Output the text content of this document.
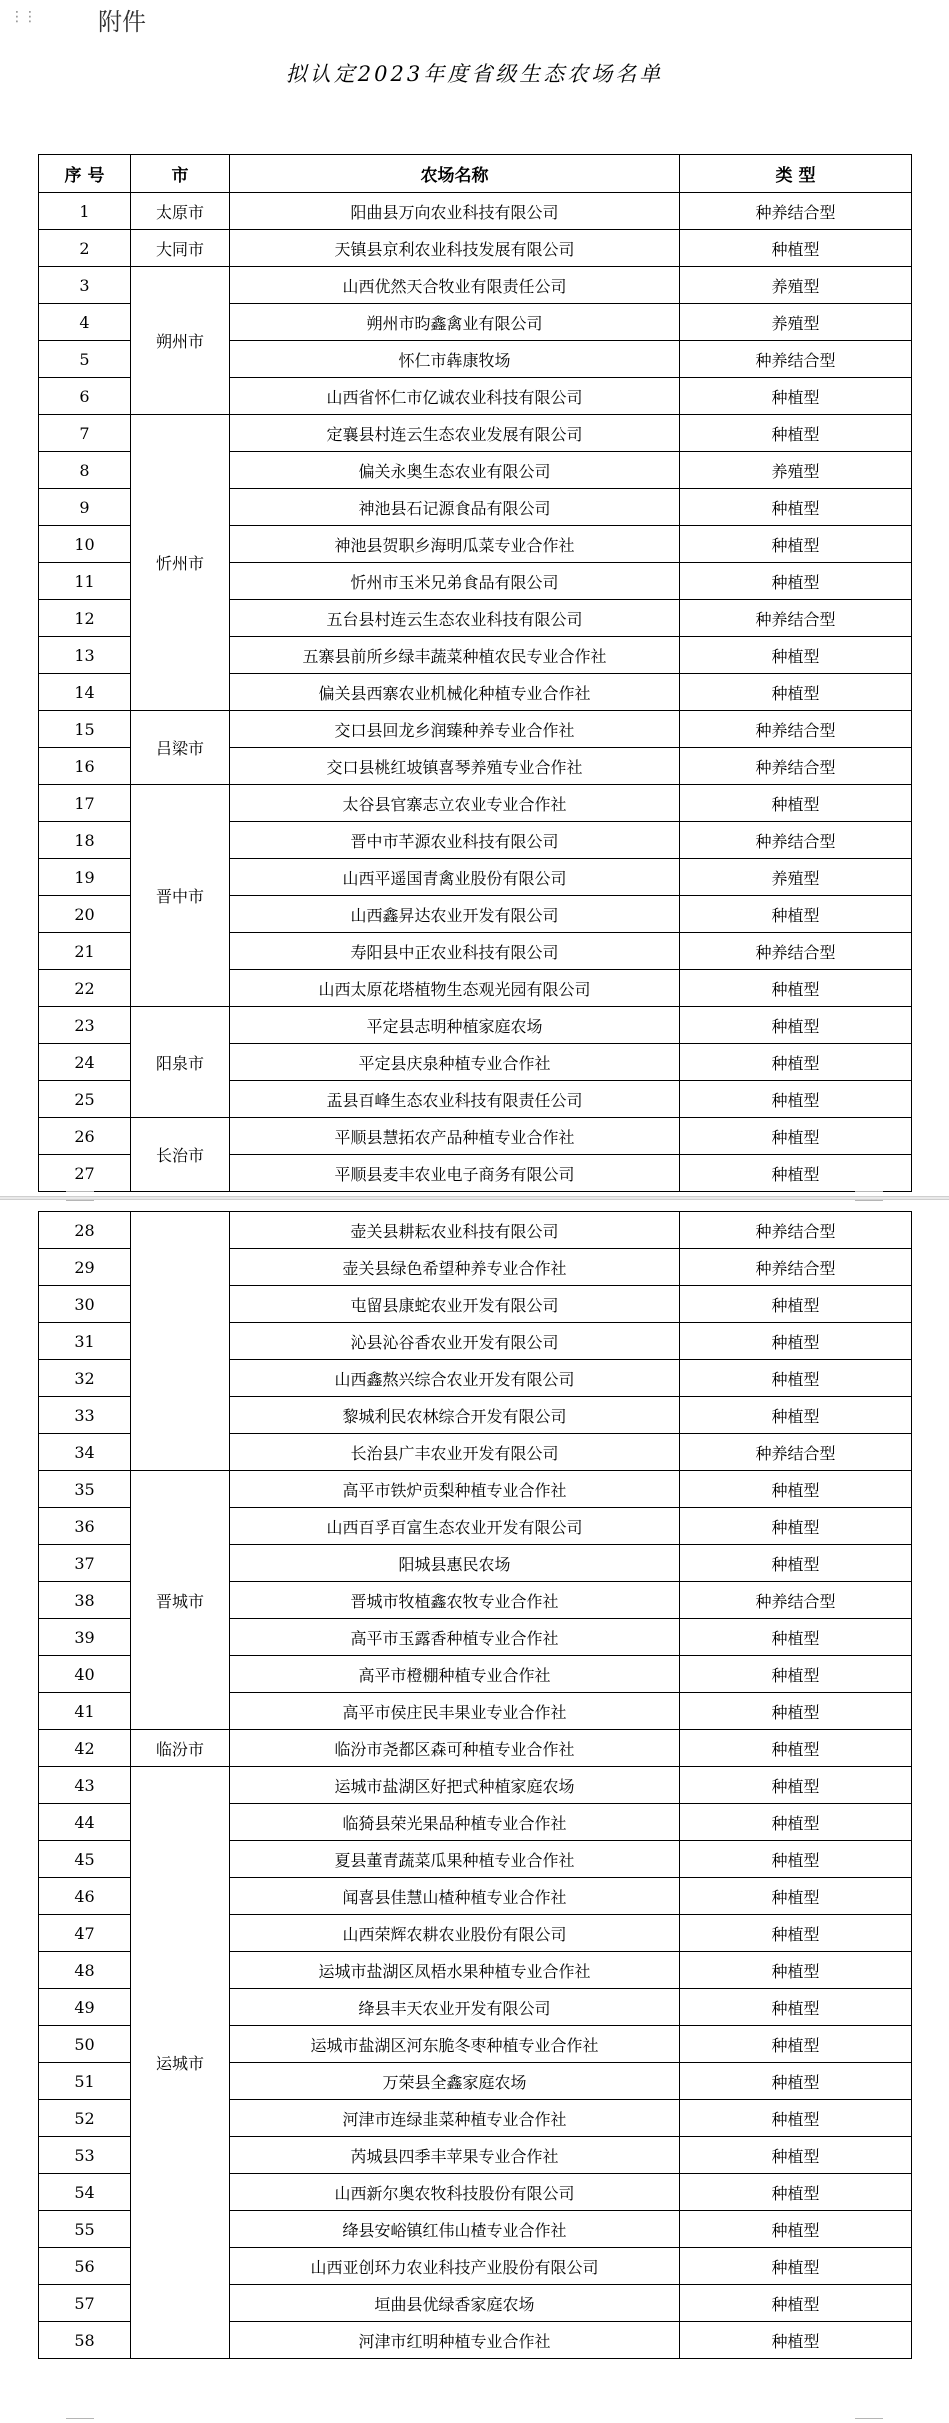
⋮⋮	附件
拟认定2023年度省级生态农场名单
序 号	市	农场名称	类 型
1	太原市	阳曲县万向农业科技有限公司	种养结合型
2	大同市	天镇县京利农业科技发展有限公司	种植型
3	朔州市	山西优然天合牧业有限责任公司	养殖型
4		朔州市昀鑫禽业有限公司	养殖型
5		怀仁市犇康牧场	种养结合型
6		山西省怀仁市亿诚农业科技有限公司	种植型
7	忻州市	定襄县村连云生态农业发展有限公司	种植型
8		偏关永奥生态农业有限公司	养殖型
9		神池县石记源食品有限公司	种植型
10		神池县贺职乡海明瓜菜专业合作社	种植型
11		忻州市玉米兄弟食品有限公司	种植型
12		五台县村连云生态农业科技有限公司	种养结合型
13		五寨县前所乡绿丰蔬菜种植农民专业合作社	种植型
14		偏关县西寨农业机械化种植专业合作社	种植型
15	吕梁市	交口县回龙乡润臻种养专业合作社	种养结合型
16		交口县桃红坡镇喜琴养殖专业合作社	种养结合型
17	晋中市	太谷县官寨志立农业专业合作社	种植型
18		晋中市芊源农业科技有限公司	种养结合型
19		山西平遥国青禽业股份有限公司	养殖型
20		山西鑫昇达农业开发有限公司	种植型
21		寿阳县中正农业科技有限公司	种养结合型
22		山西太原花塔植物生态观光园有限公司	种植型
23	阳泉市	平定县志明种植家庭农场	种植型
24		平定县庆泉种植专业合作社	种植型
25		盂县百峰生态农业科技有限责任公司	种植型
26	长治市	平顺县慧拓农产品种植专业合作社	种植型
27		平顺县麦丰农业电子商务有限公司	种植型
28		壶关县耕耘农业科技有限公司	种养结合型
29		壶关县绿色希望种养专业合作社	种养结合型
30		屯留县康蛇农业开发有限公司	种植型
31		沁县沁谷香农业开发有限公司	种植型
32		山西鑫熬兴综合农业开发有限公司	种植型
33		黎城利民农林综合开发有限公司	种植型
34		长治县广丰农业开发有限公司	种养结合型
35	晋城市	高平市铁炉贡梨种植专业合作社	种植型
36		山西百孚百富生态农业开发有限公司	种植型
37		阳城县惠民农场	种植型
38		晋城市牧植鑫农牧专业合作社	种养结合型
39		高平市玉露香种植专业合作社	种植型
40		高平市橙棚种植专业合作社	种植型
41		高平市侯庄民丰果业专业合作社	种植型
42	临汾市	临汾市尧都区森可种植专业合作社	种植型
43	运城市	运城市盐湖区好把式种植家庭农场	种植型
44		临猗县荣光果品种植专业合作社	种植型
45		夏县董青蔬菜瓜果种植专业合作社	种植型
46		闻喜县佳慧山楂种植专业合作社	种植型
47		山西荣辉农耕农业股份有限公司	种植型
48		运城市盐湖区凤梧水果种植专业合作社	种植型
49		绛县丰天农业开发有限公司	种植型
50		运城市盐湖区河东脆冬枣种植专业合作社	种植型
51		万荣县全鑫家庭农场	种植型
52		河津市连绿韭菜种植专业合作社	种植型
53		芮城县四季丰苹果专业合作社	种植型
54		山西新尔奥农牧科技股份有限公司	种植型
55		绛县安峪镇红伟山楂专业合作社	种植型
56		山西亚创环力农业科技产业股份有限公司	种植型
57		垣曲县优绿香家庭农场	种植型
58		河津市红明种植专业合作社	种植型
